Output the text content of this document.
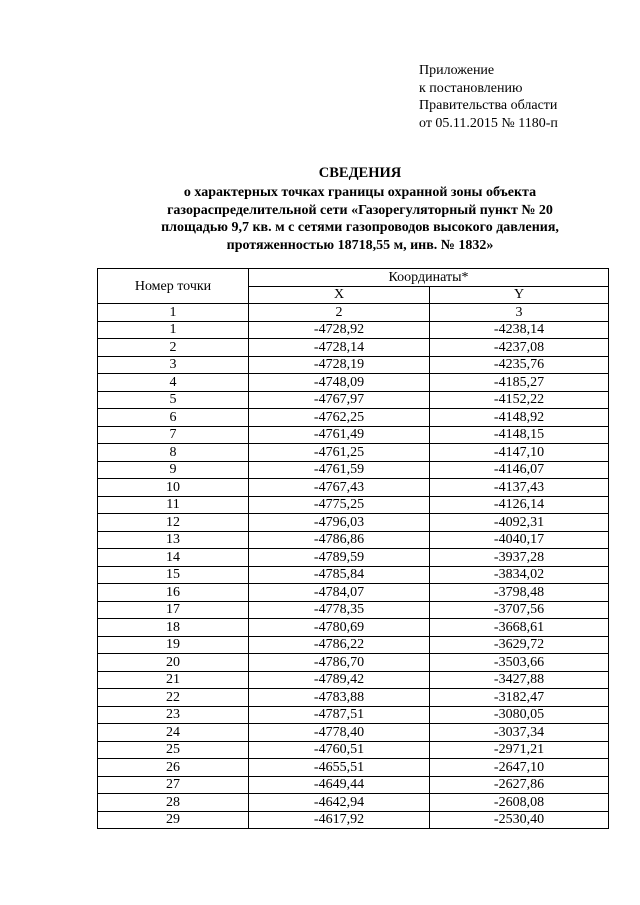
Приложение
к постановлению
Правительства области
от 05.11.2015 № 1180-п
СВЕДЕНИЯ
о характерных точках границы охранной зоны объекта
газораспределительной сети «Газорегуляторный пункт № 20
площадью 9,7 кв. м с сетями газопроводов высокого давления,
протяженностью 18718,55 м, инв. № 1832»
Номер точки	Координаты*	
	X	Y
1	2	3
1	-4728,92	-4238,14
2	-4728,14	-4237,08
3	-4728,19	-4235,76
4	-4748,09	-4185,27
5	-4767,97	-4152,22
6	-4762,25	-4148,92
7	-4761,49	-4148,15
8	-4761,25	-4147,10
9	-4761,59	-4146,07
10	-4767,43	-4137,43
11	-4775,25	-4126,14
12	-4796,03	-4092,31
13	-4786,86	-4040,17
14	-4789,59	-3937,28
15	-4785,84	-3834,02
16	-4784,07	-3798,48
17	-4778,35	-3707,56
18	-4780,69	-3668,61
19	-4786,22	-3629,72
20	-4786,70	-3503,66
21	-4789,42	-3427,88
22	-4783,88	-3182,47
23	-4787,51	-3080,05
24	-4778,40	-3037,34
25	-4760,51	-2971,21
26	-4655,51	-2647,10
27	-4649,44	-2627,86
28	-4642,94	-2608,08
29	-4617,92	-2530,40
